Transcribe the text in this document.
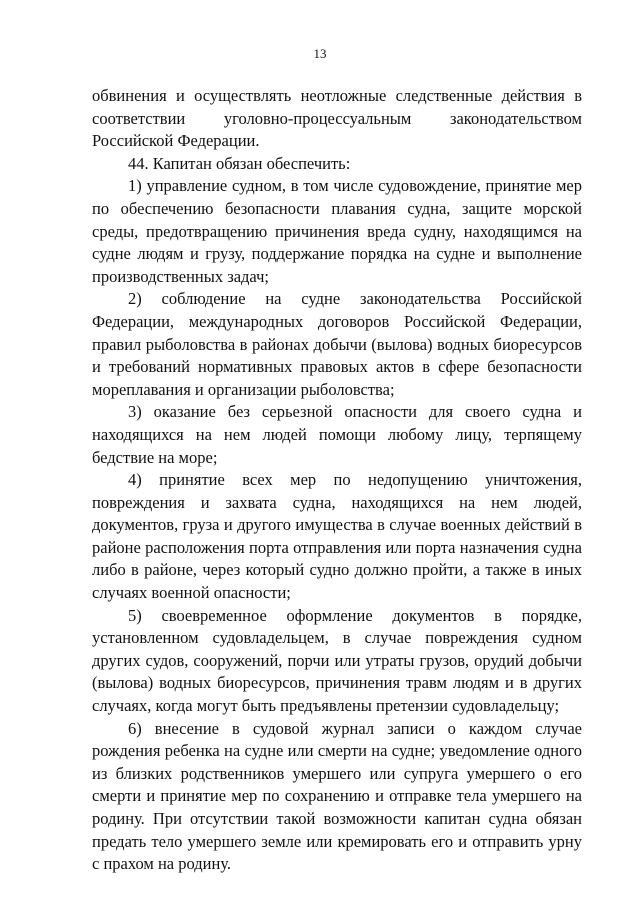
13

обвинения и осуществлять неотложные следственные действия в соответствии уголовно-процессуальным законодательством Российской Федерации.

44. Капитан обязан обеспечить:

1) управление судном, в том числе судовождение, принятие мер по обеспечению безопасности плавания судна, защите морской среды, предотвращению причинения вреда судну, находящимся на судне людям и грузу, поддержание порядка на судне и выполнение производственных задач;

2) соблюдение на судне законодательства Российской Федерации, международных договоров Российской Федерации, правил рыболовства в районах добычи (вылова) водных биоресурсов и требований нормативных правовых актов в сфере безопасности мореплавания и организации рыболовства;

3) оказание без серьезной опасности для своего судна и находящихся на нем людей помощи любому лицу, терпящему бедствие на море;

4) принятие всех мер по недопущению уничтожения, повреждения и захвата судна, находящихся на нем людей, документов, груза и другого имущества в случае военных действий в районе расположения порта отправления или порта назначения судна либо в районе, через который судно должно пройти, а также в иных случаях военной опасности;

5) своевременное оформление документов в порядке, установленном судовладельцем, в случае повреждения судном других судов, сооружений, порчи или утраты грузов, орудий добычи (вылова) водных биоресурсов, причинения травм людям и в других случаях, когда могут быть предъявлены претензии судовладельцу;

6) внесение в судовой журнал записи о каждом случае рождения ребенка на судне или смерти на судне; уведомление одного из близких родственников умершего или супруга умершего о его смерти и принятие мер по сохранению и отправке тела умершего на родину. При отсутствии такой возможности капитан судна обязан предать тело умершего земле или кремировать его и отправить урну с прахом на родину.
